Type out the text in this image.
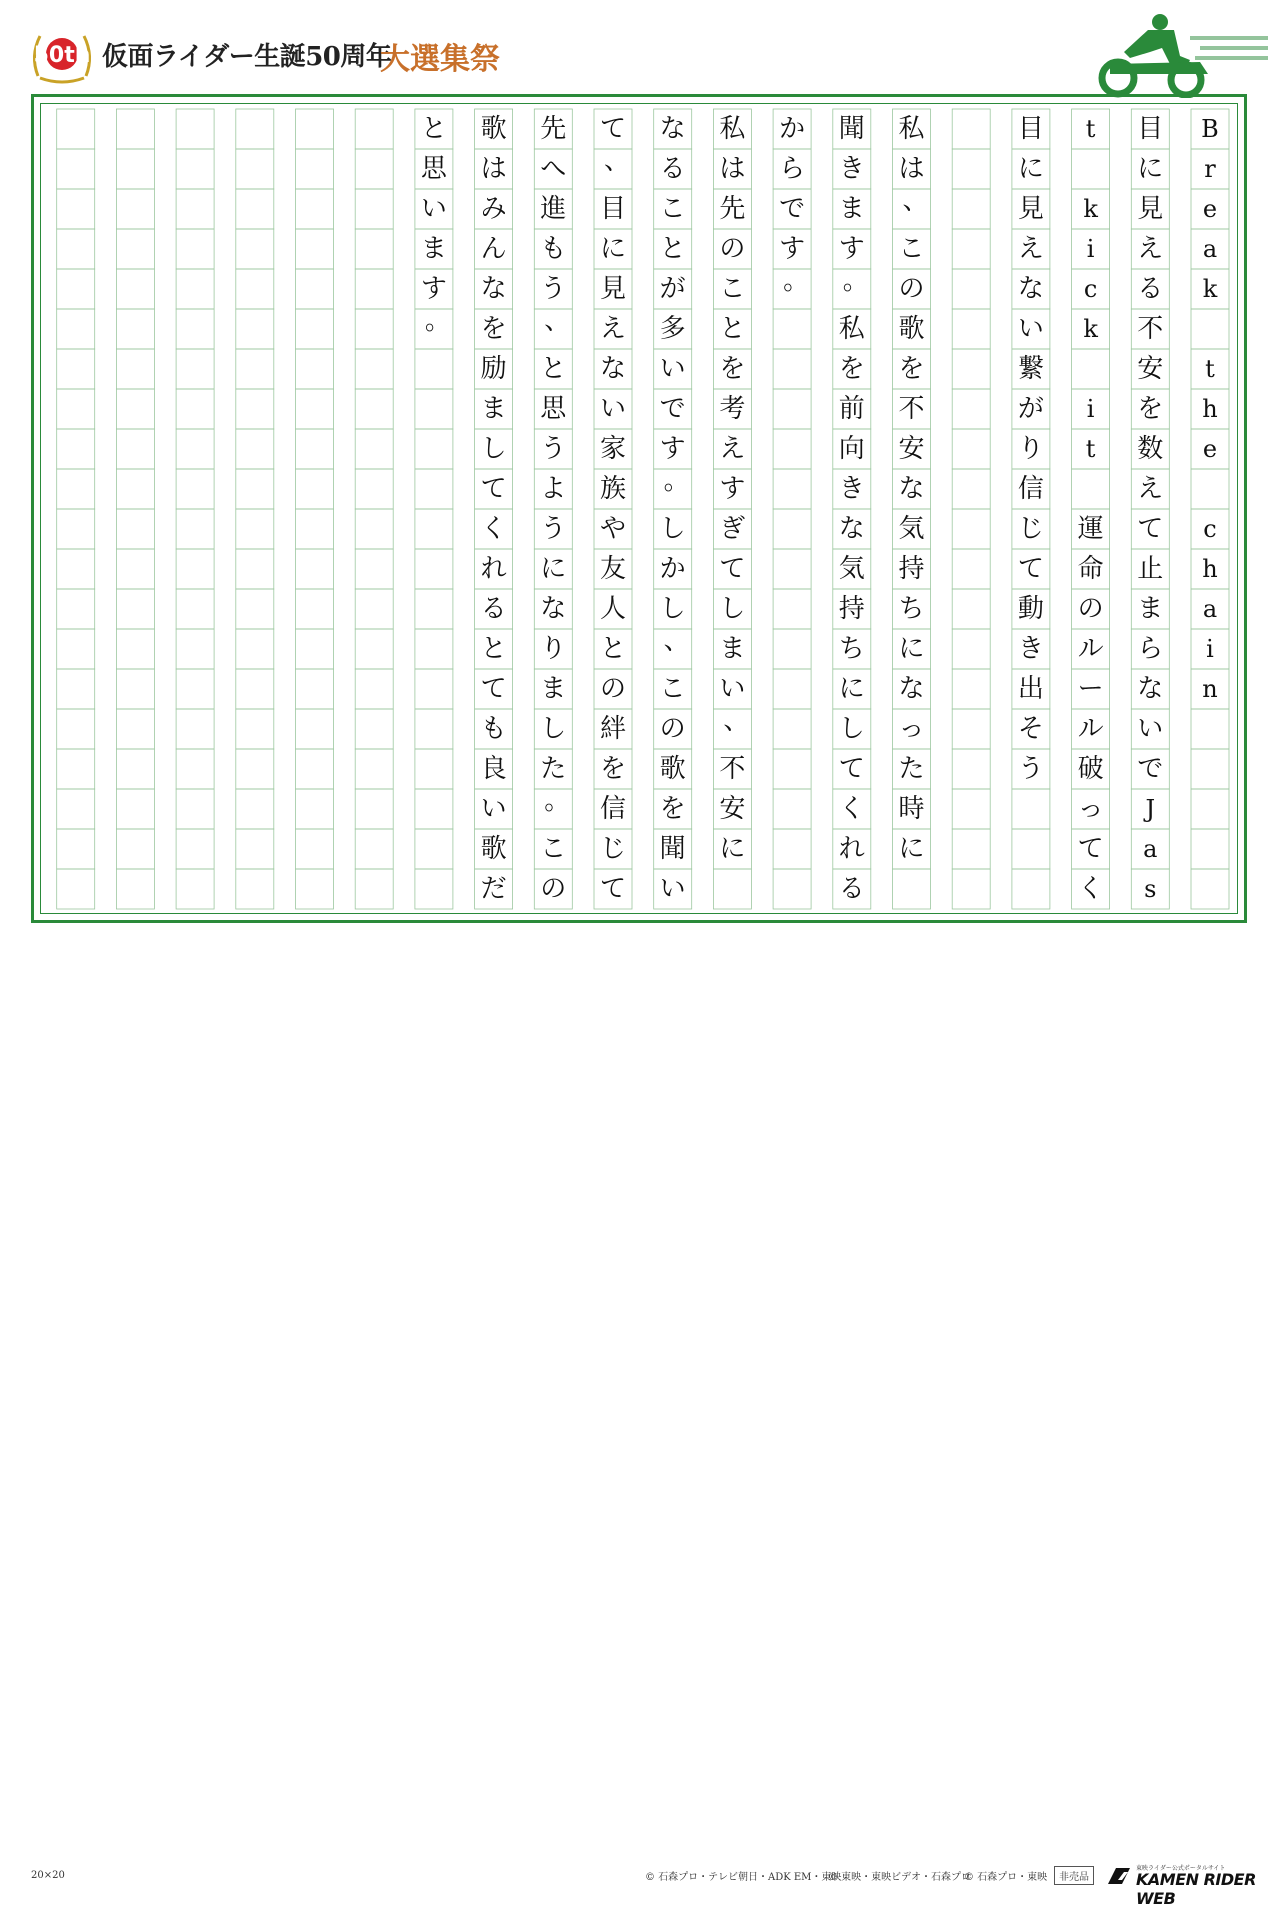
50th 仮面ライダー生誕50周年
大選集祭
B
r
e
a
k
t
h
e
c
h
a
i
n
目
に
見
え
る
不
安
を
数
え
て
止
ま
ら
な
い
で
J
a
s
t
k
i
c
k
i
t
運
命
の
ル
ー
ル
破
っ
て
く
目
に
見
え
な
い
繋
が
り
信
じ
て
動
き
出
そ
う
私
は
、
こ
の
歌
を
不
安
な
気
持
ち
に
な
っ
た
時
に
聞
き
ま
す
。
私
を
前
向
き
な
気
持
ち
に
し
て
く
れ
る
か
ら
で
す
。
私
は
先
の
こ
と
を
考
え
す
ぎ
て
し
ま
い
、
不
安
に
な
る
こ
と
が
多
い
で
す
。
し
か
し
、
こ
の
歌
を
聞
い
て
、
目
に
見
え
な
い
家
族
や
友
人
と
の
絆
を
信
じ
て
先
へ
進
も
う
、
と
思
う
よ
う
に
な
り
ま
し
た
。
こ
の
歌
は
み
ん
な
を
励
ま
し
て
く
れ
る
と
て
も
良
い
歌
だ
と
思
い
ま
す
。
20×20	© 石森プロ・テレビ朝日・ADK EM・東映
© 東映・東映ビデオ・石森プロ
© 石森プロ・東映	非売品
東映ライダー公式ポータルサイト
KAMEN RIDER WEB
